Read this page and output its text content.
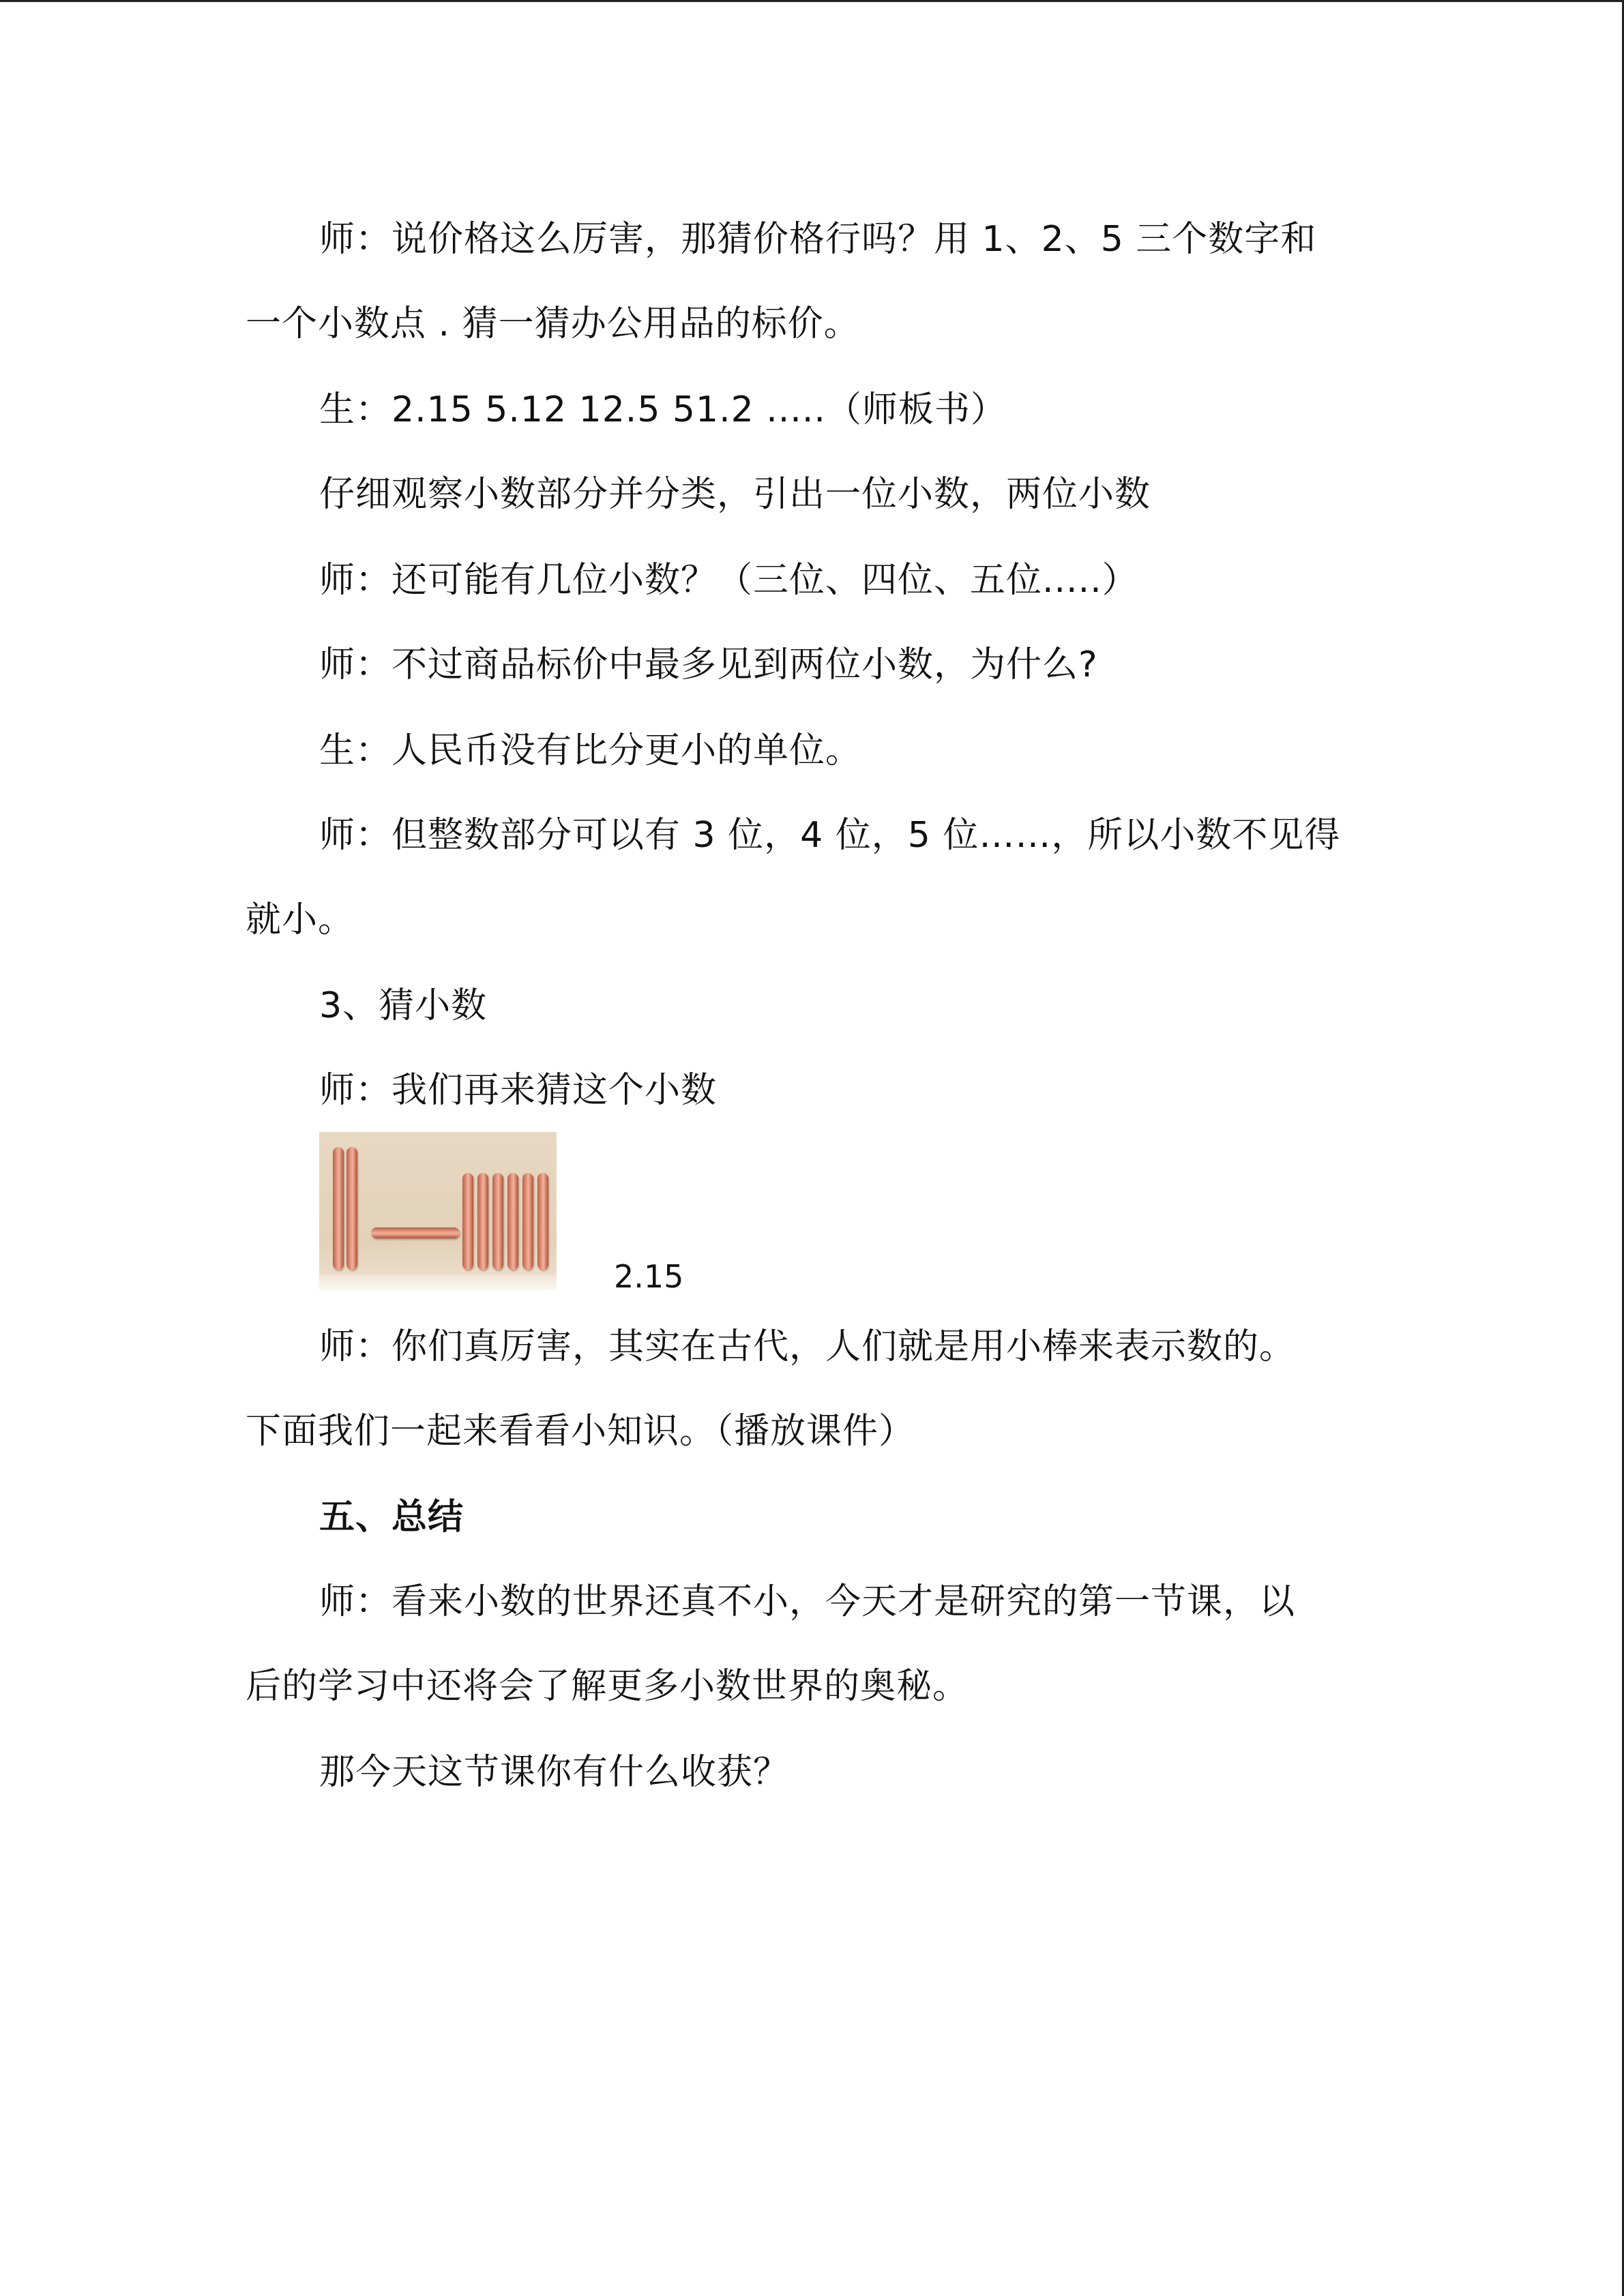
师：说价格这么厉害，那猜价格行吗？用 1、2、5 三个数字和
一个小数点 . 猜一猜办公用品的标价。
生：2.15 5.12 12.5 51.2 .....（师板书）
仔细观察小数部分并分类，引出一位小数，两位小数
师：还可能有几位小数？（三位、四位、五位.....）
师：不过商品标价中最多见到两位小数，为什么?
生：人民币没有比分更小的单位。
师：但整数部分可以有 3 位，4 位，5 位……，所以小数不见得
就小。
3、猜小数
师：我们再来猜这个小数
2.15
师：你们真厉害，其实在古代，人们就是用小棒来表示数的。
下面我们一起来看看小知识。（播放课件）
五、总结
师：看来小数的世界还真不小，今天才是研究的第一节课，以
后的学习中还将会了解更多小数世界的奥秘。
那今天这节课你有什么收获？
